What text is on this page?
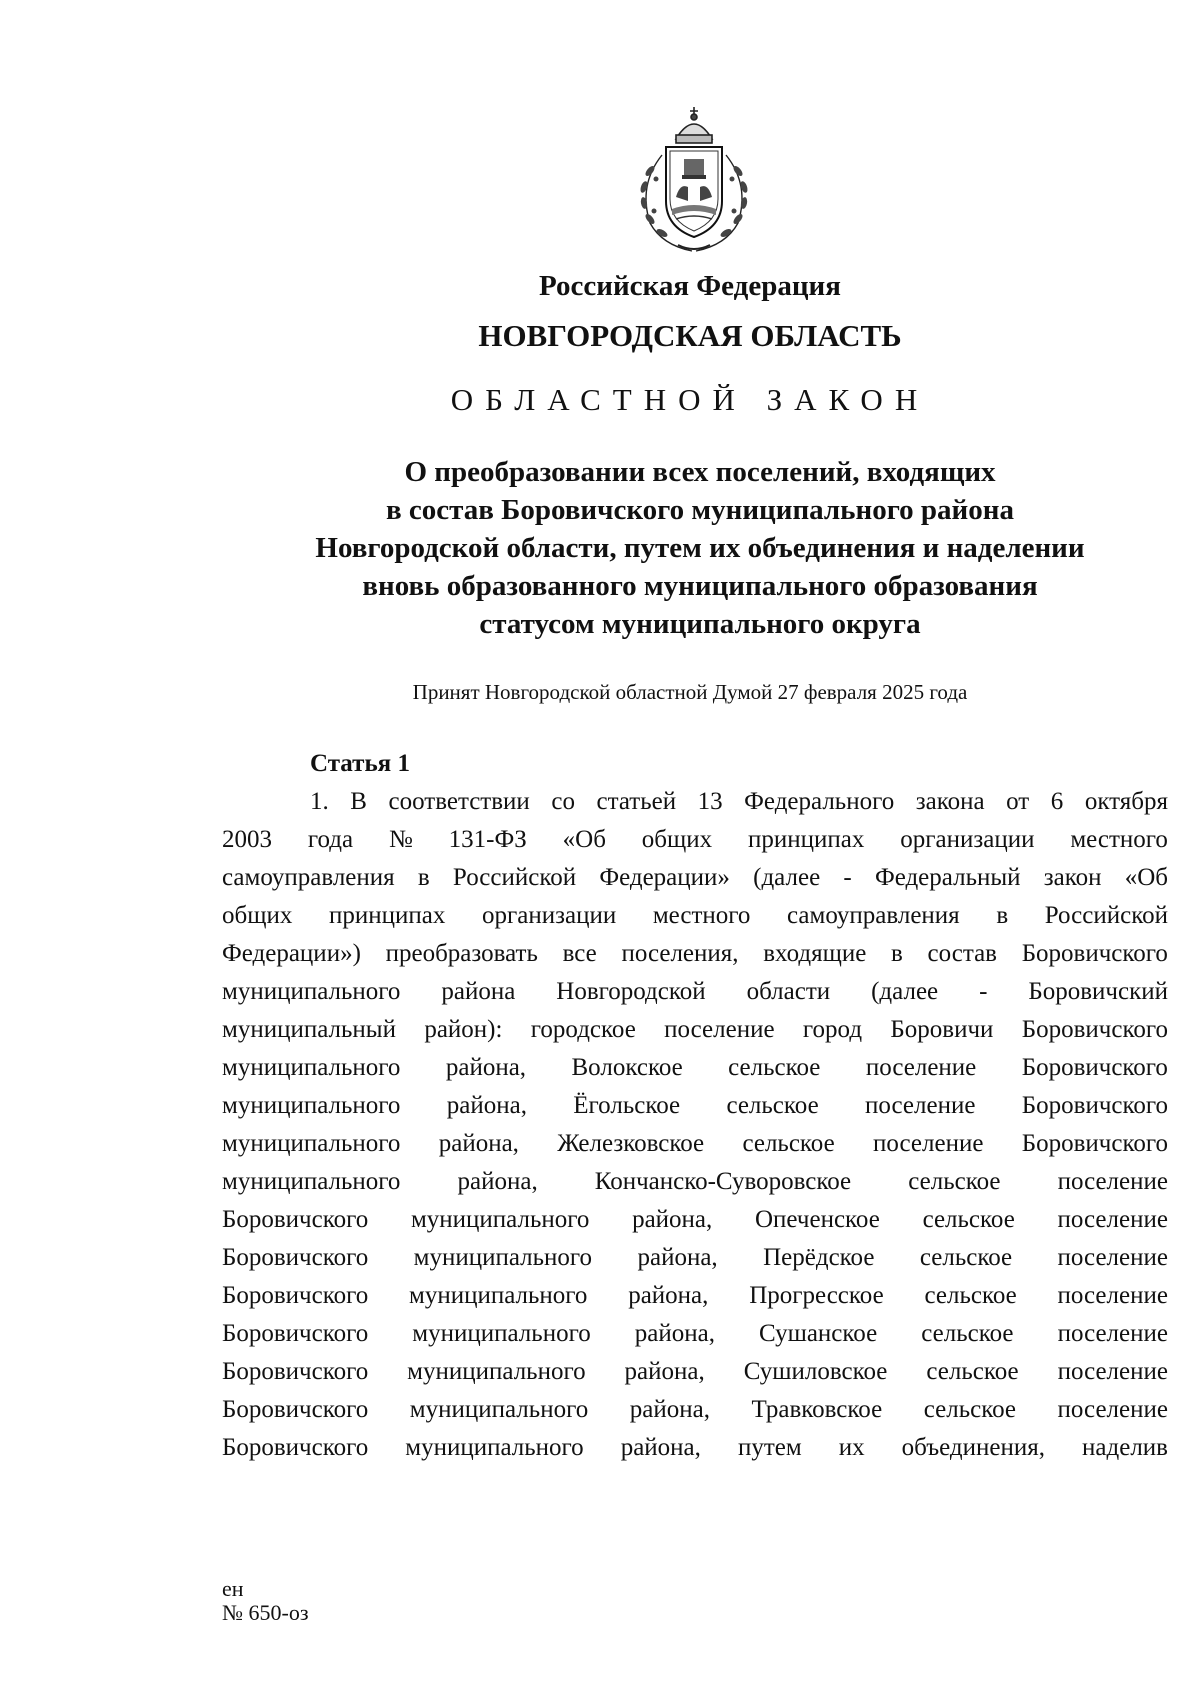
Российская Федерация
НОВГОРОДСКАЯ ОБЛАСТЬ
ОБЛАСТНОЙ ЗАКОН
О преобразовании всех поселений, входящих
в состав Боровичского муниципального района
Новгородской области, путем их объединения и наделении
вновь образованного муниципального образования
статусом муниципального округа
Принят Новгородской областной Думой 27 февраля 2025 года
Статья 1
1. В соответствии со статьей 13 Федерального закона от 6 октября
2003 года № 131-ФЗ «Об общих принципах организации местного
самоуправления в Российской Федерации» (далее - Федеральный закон «Об
общих принципах организации местного самоуправления в Российской
Федерации») преобразовать все поселения, входящие в состав Боровичского
муниципального района Новгородской области (далее - Боровичский
муниципальный район): городское поселение город Боровичи Боровичского
муниципального района, Волокское сельское поселение Боровичского
муниципального района, Ёгольское сельское поселение Боровичского
муниципального района, Железковское сельское поселение Боровичского
муниципального района, Кончанско-Суворовское сельское поселение
Боровичского муниципального района, Опеченское сельское поселение
Боровичского муниципального района, Перёдское сельское поселение
Боровичского муниципального района, Прогресское сельское поселение
Боровичского муниципального района, Сушанское сельское поселение
Боровичского муниципального района, Сушиловское сельское поселение
Боровичского муниципального района, Травковское сельское поселение
Боровичского муниципального района, путем их объединения, наделив
ен
№ 650-оз
